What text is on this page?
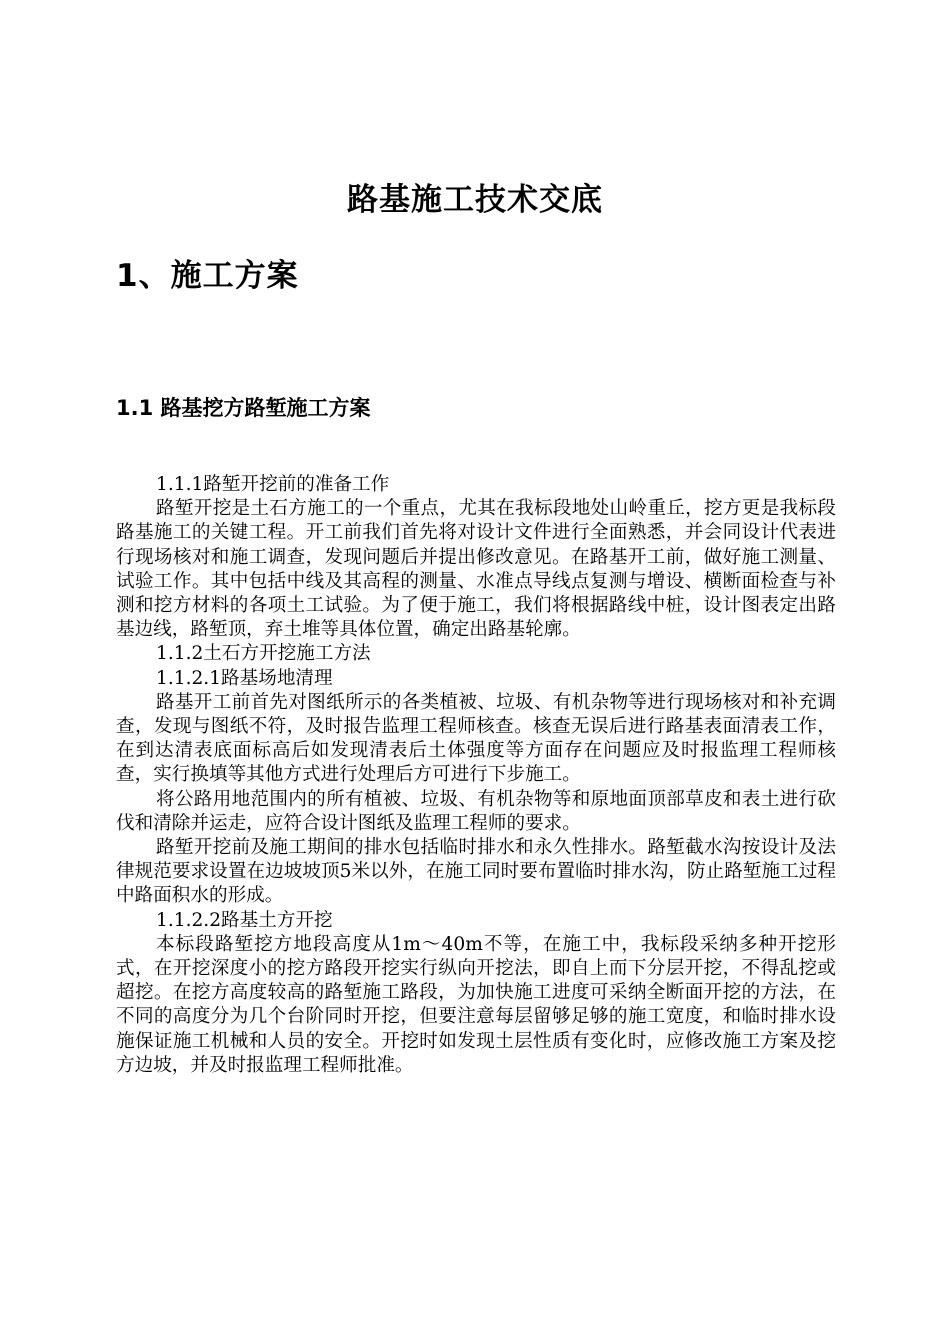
路基施工技术交底
1、施工方案
1.1 路基挖方路堑施工方案

1.1.1路堑开挖前的准备工作

路堑开挖是土石方施工的一个重点，尤其在我标段地处山岭重丘，挖方更是我标段路基施工的关键工程。开工前我们首先将对设计文件进行全面熟悉，并会同设计代表进行现场核对和施工调查，发现问题后并提出修改意见。在路基开工前，做好施工测量、试验工作。其中包括中线及其高程的测量、水准点导线点复测与增设、横断面检查与补测和挖方材料的各项土工试验。为了便于施工，我们将根据路线中桩，设计图表定出路基边线，路堑顶，弃土堆等具体位置，确定出路基轮廓。

1.1.2土石方开挖施工方法

1.1.2.1路基场地清理

路基开工前首先对图纸所示的各类植被、垃圾、有机杂物等进行现场核对和补充调查，发现与图纸不符，及时报告监理工程师核查。核查无误后进行路基表面清表工作，在到达清表底面标高后如发现清表后土体强度等方面存在问题应及时报监理工程师核查，实行换填等其他方式进行处理后方可进行下步施工。

将公路用地范围内的所有植被、垃圾、有机杂物等和原地面顶部草皮和表土进行砍伐和清除并运走，应符合设计图纸及监理工程师的要求。

路堑开挖前及施工期间的排水包括临时排水和永久性排水。路堑截水沟按设计及法律规范要求设置在边坡坡顶5米以外，在施工同时要布置临时排水沟，防止路堑施工过程中路面积水的形成。

1.1.2.2路基土方开挖

本标段路堑挖方地段高度从1m～40m不等，在施工中，我标段采纳多种开挖形式，在开挖深度小的挖方路段开挖实行纵向开挖法，即自上而下分层开挖，不得乱挖或超挖。在挖方高度较高的路堑施工路段，为加快施工进度可采纳全断面开挖的方法，在不同的高度分为几个台阶同时开挖，但要注意每层留够足够的施工宽度，和临时排水设施保证施工机械和人员的安全。开挖时如发现土层性质有变化时，应修改施工方案及挖方边坡，并及时报监理工程师批准。
